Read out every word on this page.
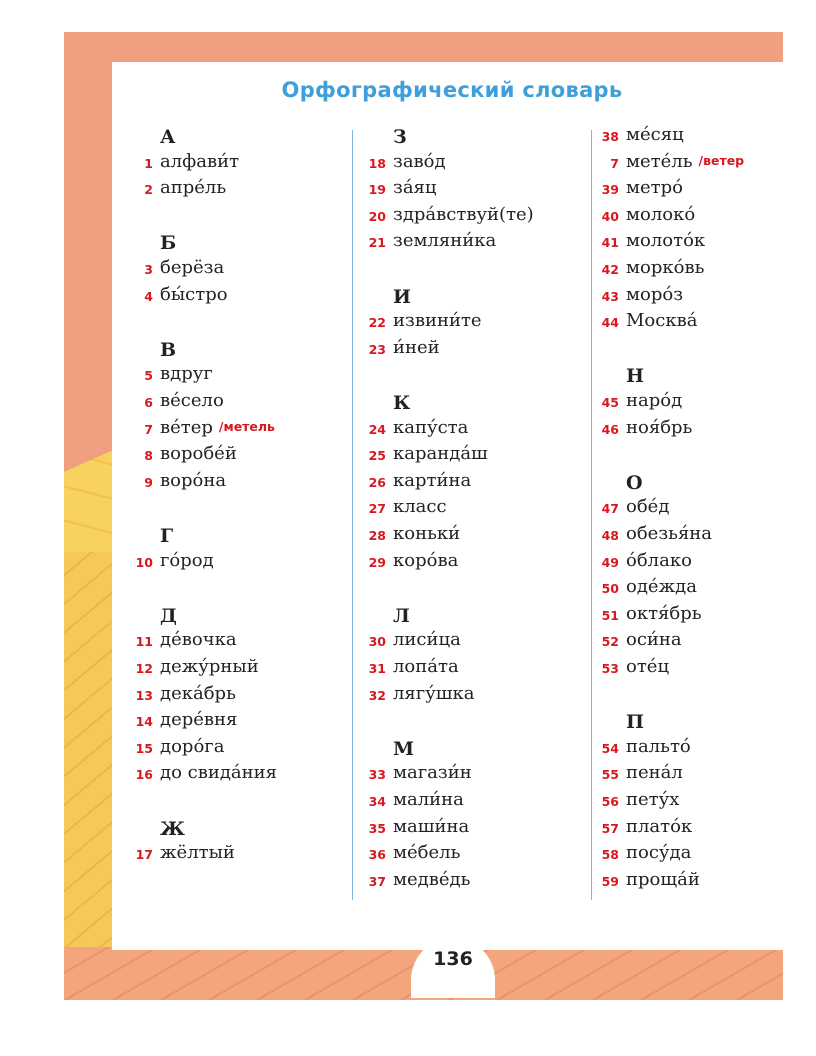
Орфографический словарь
А
1 алфави́т
2 апре́ль
Б
3 берёза
4 бы́стро
В
5 вдруг
6 ве́село
7 ве́тер /метель
8 воробе́й
9 воро́на
Г
10 го́род
Д
11 де́вочка
12 дежу́рный
13 дека́брь
14 дере́вня
15 доро́га
16 до свида́ния
Ж
17 жёлтый
З
18 заво́д
19 за́яц
20 здра́вствуй(те)
21 земляни́ка
И
22 извини́те
23 и́ней
К
24 капу́ста
25 каранда́ш
26 карти́на
27 класс
28 коньки́
29 коро́ва
Л
30 лиси́ца
31 лопа́та
32 лягу́шка
М
33 магази́н
34 мали́на
35 маши́на
36 ме́бель
37 медве́дь
38 ме́сяц
7 мете́ль /ветер
39 метро́
40 молоко́
41 молото́к
42 морко́вь
43 моро́з
44 Москва́
Н
45 наро́д
46 ноя́брь
О
47 обе́д
48 обезья́на
49 о́блако
50 оде́жда
51 октя́брь
52 оси́на
53 оте́ц
П
54 пальто́
55 пена́л
56 пету́х
57 плато́к
58 посу́да
59 проща́й
136
